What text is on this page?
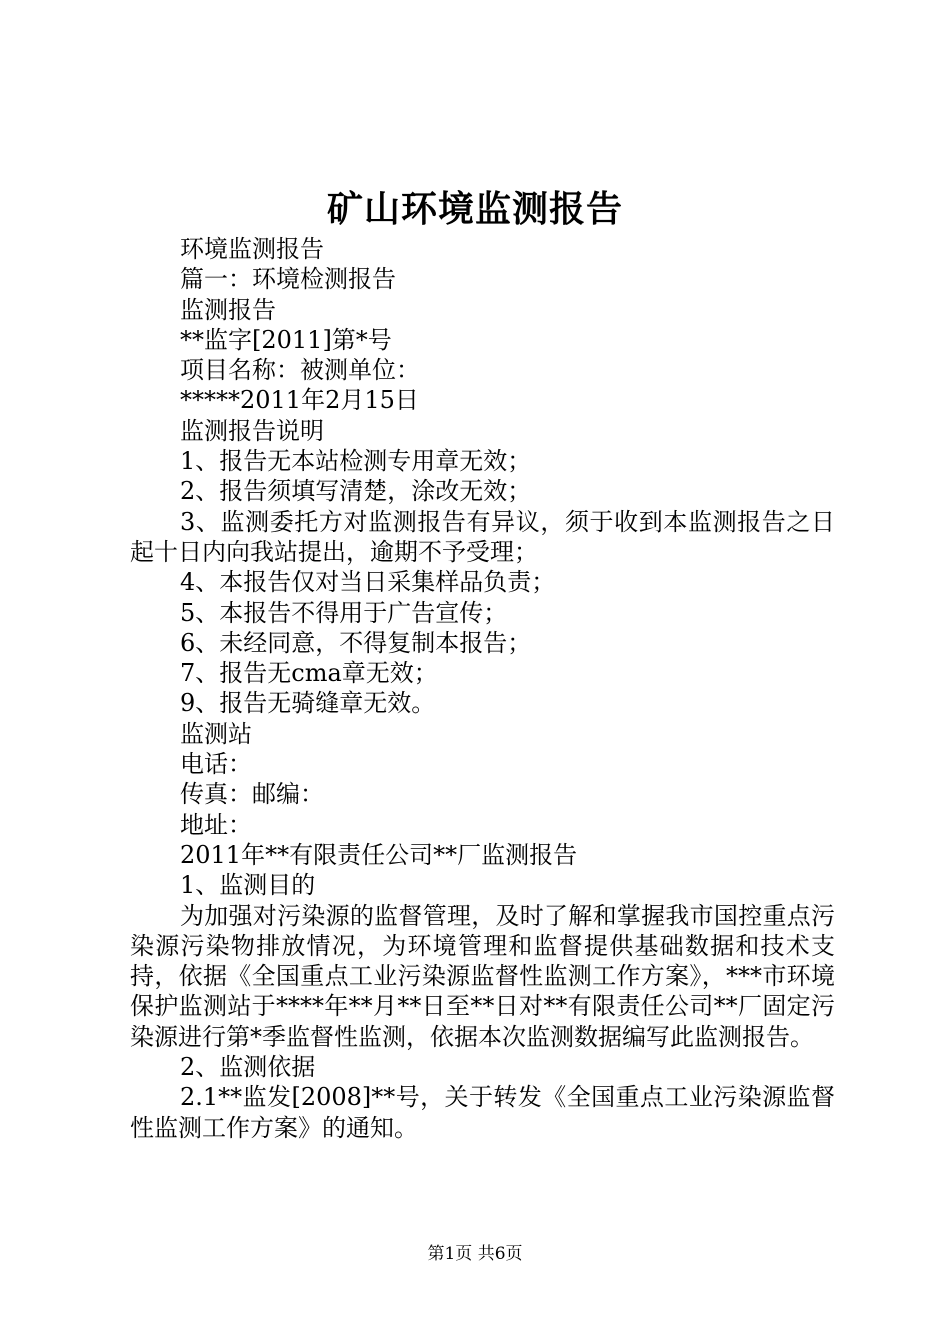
矿山环境监测报告

环境监测报告

篇一：环境检测报告

监测报告

**监字[2011]第*号

项目名称：被测单位：

*****2011年2月15日

监测报告说明

1、报告无本站检测专用章无效；

2、报告须填写清楚，涂改无效；

3、监测委托方对监测报告有异议，须于收到本监测报告之日起十日内向我站提出，逾期不予受理；

4、本报告仅对当日采集样品负责；

5、本报告不得用于广告宣传；

6、未经同意，不得复制本报告；

7、报告无cma章无效；

9、报告无骑缝章无效。

监测站

电话：

传真：邮编：

地址：

2011年**有限责任公司**厂监测报告

1、监测目的

为加强对污染源的监督管理，及时了解和掌握我市国控重点污染源污染物排放情况，为环境管理和监督提供基础数据和技术支持，依据《全国重点工业污染源监督性监测工作方案》，***市环境保护监测站于****年**月**日至**日对**有限责任公司**厂固定污染源进行第*季监督性监测，依据本次监测数据编写此监测报告。

2、监测依据

2.1**监发[2008]**号，关于转发《全国重点工业污染源监督性监测工作方案》的通知。

第1页 共6页
